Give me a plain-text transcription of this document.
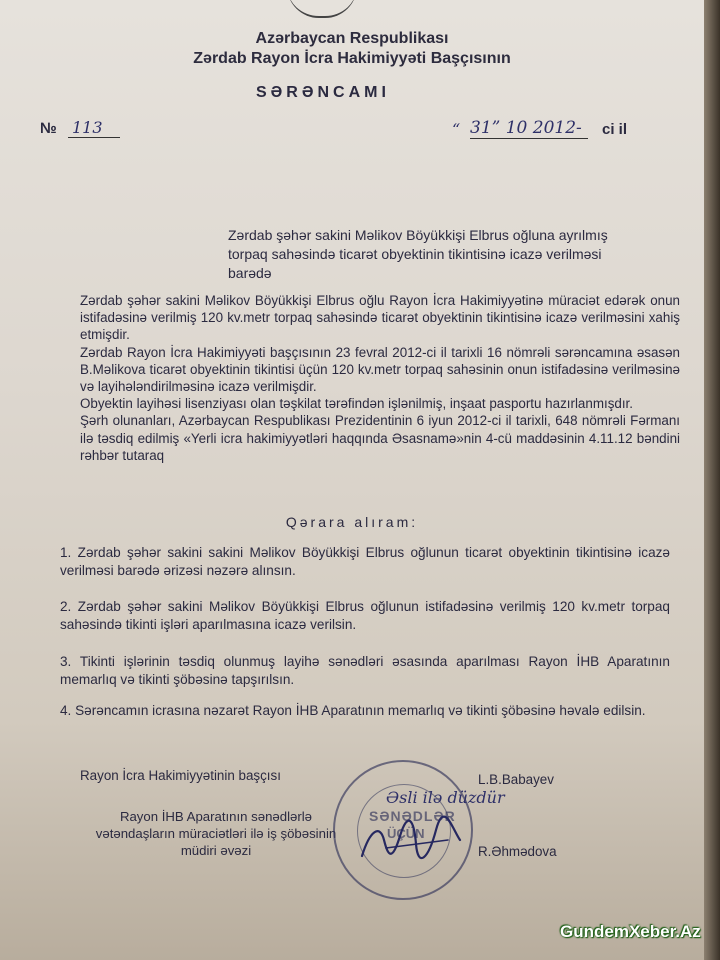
Azərbaycan Respublikası
Zərdab Rayon İcra Hakimiyyəti Başçısının
SƏRƏNCAMI
№ 113	“ 31” 10 2012-	ci il
Zərdab şəhər sakini Məlikov Böyükkişi Elbrus oğluna ayrılmış torpaq sahəsində ticarət obyektinin tikintisinə icazə verilməsi barədə

Zərdab şəhər sakini Məlikov Böyükkişi Elbrus oğlu Rayon İcra Hakimiyyətinə müraciət edərək onun istifadəsinə verilmiş 120 kv.metr torpaq sahəsində ticarət obyektinin tikintisinə icazə verilməsini xahiş etmişdir.

Zərdab Rayon İcra Hakimiyyəti başçısının 23 fevral 2012-ci il tarixli 16 nömrəli sərəncamına əsasən B.Məlikova ticarət obyektinin tikintisi üçün 120 kv.metr torpaq sahəsinin onun istifadəsinə verilməsinə və layihələndirilməsinə icazə verilmişdir.

Obyektin layihəsi lisenziyası olan təşkilat tərəfindən işlənilmiş, inşaat pasportu hazırlanmışdır.

Şərh olunanları, Azərbaycan Respublikası Prezidentinin 6 iyun 2012-ci il tarixli, 648 nömrəli Fərmanı ilə təsdiq edilmiş «Yerli icra hakimiyyətləri haqqında Əsasnamə»nin 4-cü maddəsinin 4.11.12 bəndini rəhbər tutaraq

Qərara alıram:
1. Zərdab şəhər sakini sakini Məlikov Böyükkişi Elbrus oğlunun ticarət obyektinin tikintisinə icazə verilməsi barədə ərizəsi nəzərə alınsın.
2. Zərdab şəhər sakini Məlikov Böyükkişi Elbrus oğlunun istifadəsinə verilmiş 120 kv.metr torpaq sahəsində tikinti işləri aparılmasına icazə verilsin.
3. Tikinti işlərinin təsdiq olunmuş layihə sənədləri əsasında aparılması Rayon İHB Aparatının memarlıq və tikinti şöbəsinə tapşırılsın.
4. Sərəncamın icrasına nəzarət Rayon İHB Aparatının memarlıq və tikinti şöbəsinə həvalə edilsin.
Rayon İcra Hakimiyyətinin başçısı	L.B.Babayev
Rayon İHB Aparatının sənədlərlə vətəndaşların müraciətləri ilə iş şöbəsinin müdiri əvəzi	R.Əhmədova
SƏNƏDLƏR
ÜÇÜN
Əsli ilə düzdür
GundemXeber.Az
